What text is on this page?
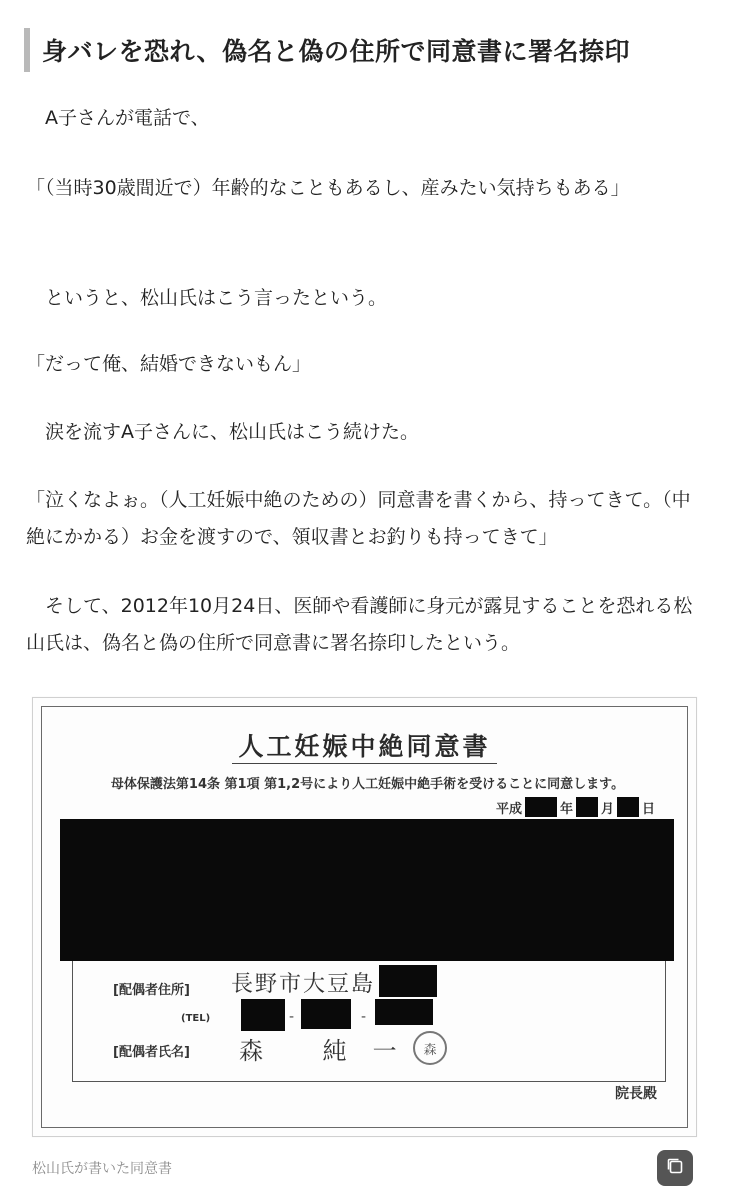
身バレを恐れ、偽名と偽の住所で同意書に署名捺印
　A子さんが電話で、
「（当時30歳間近で）年齢的なこともあるし、産みたい気持ちもある」
　というと、松山氏はこう言ったという。
「だって俺、結婚できないもん」
　涙を流すA子さんに、松山氏はこう続けた。
「泣くなよぉ。（人工妊娠中絶のための）同意書を書くから、持ってきて。（中絶にかかる）お金を渡すので、領収書とお釣りも持ってきて」
　そして、2012年10月24日、医師や看護師に身元が露見することを恐れる松山氏は、偽名と偽の住所で同意書に署名捺印したという。
人工妊娠中絶同意書
母体保護法第14条 第1項 第1,2号により人工妊娠中絶手術を受けることに同意します。
平成	年 月 日
[配偶者住所] 長野市大豆島
(TEL)	-	-
[配偶者氏名] 森 純一 森
院長殿
松山氏が書いた同意書
